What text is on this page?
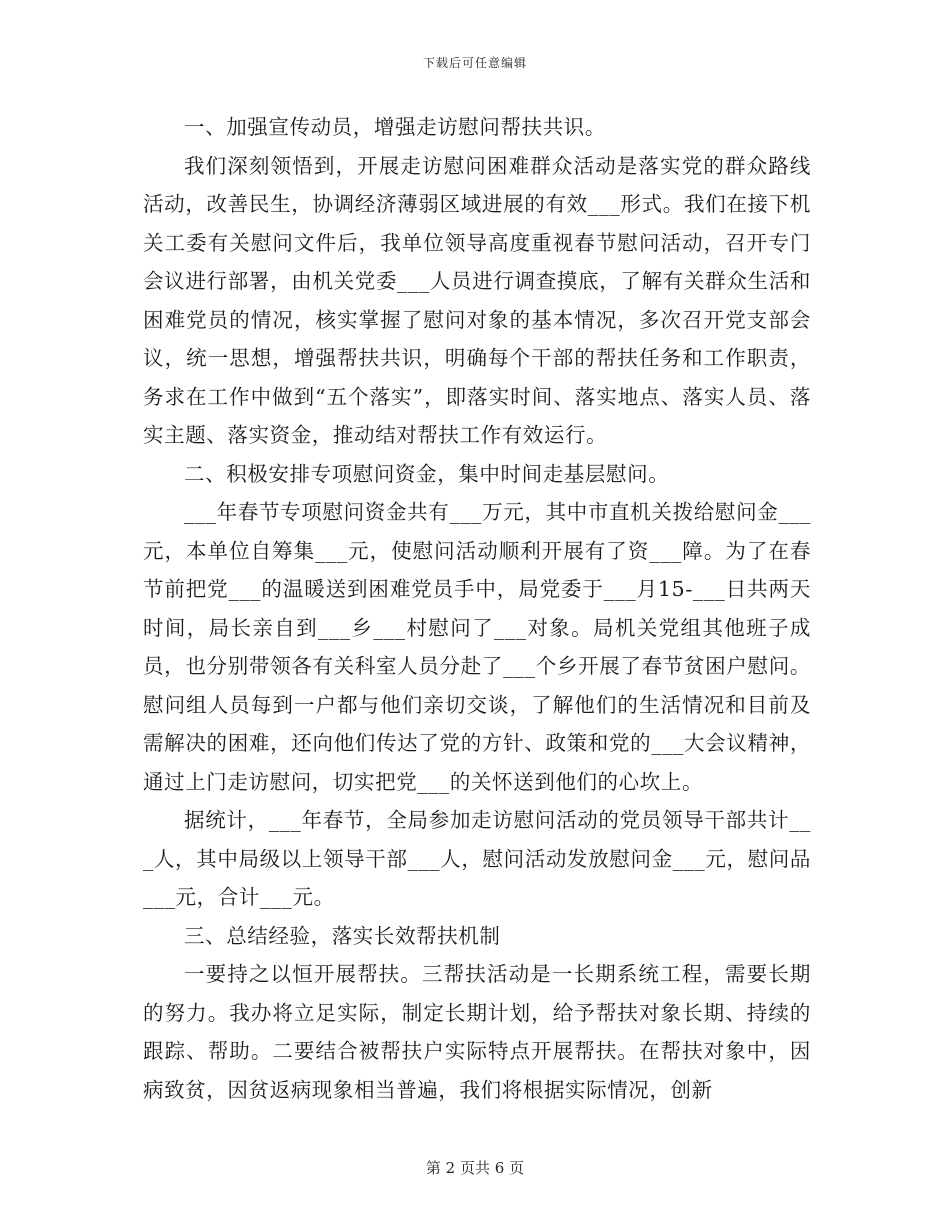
下载后可任意编辑

一、加强宣传动员，增强走访慰问帮扶共识。

我们深刻领悟到，开展走访慰问困难群众活动是落实党的群众路线活动，改善民生，协调经济薄弱区域进展的有效___形式。我们在接下机关工委有关慰问文件后，我单位领导高度重视春节慰问活动，召开专门会议进行部署，由机关党委___人员进行调查摸底，了解有关群众生活和困难党员的情况，核实掌握了慰问对象的基本情况，多次召开党支部会议，统一思想，增强帮扶共识，明确每个干部的帮扶任务和工作职责，务求在工作中做到“五个落实”，即落实时间、落实地点、落实人员、落实主题、落实资金，推动结对帮扶工作有效运行。

二、积极安排专项慰问资金，集中时间走基层慰问。

___年春节专项慰问资金共有___万元，其中市直机关拨给慰问金___元，本单位自筹集___元，使慰问活动顺利开展有了资___障。为了在春节前把党___的温暖送到困难党员手中，局党委于___月15-___日共两天时间，局长亲自到___乡___村慰问了___对象。局机关党组其他班子成员，也分别带领各有关科室人员分赴了___个乡开展了春节贫困户慰问。慰问组人员每到一户都与他们亲切交谈，了解他们的生活情况和目前及需解决的困难，还向他们传达了党的方针、政策和党的___大会议精神，通过上门走访慰问，切实把党___的关怀送到他们的心坎上。

据统计，___年春节，全局参加走访慰问活动的党员领导干部共计___人，其中局级以上领导干部___人，慰问活动发放慰问金___元，慰问品___元，合计___元。

三、总结经验，落实长效帮扶机制

一要持之以恒开展帮扶。三帮扶活动是一长期系统工程，需要长期的努力。我办将立足实际，制定长期计划，给予帮扶对象长期、持续的跟踪、帮助。二要结合被帮扶户实际特点开展帮扶。在帮扶对象中，因病致贫，因贫返病现象相当普遍，我们将根据实际情况，创新

第 2 页共 6 页
